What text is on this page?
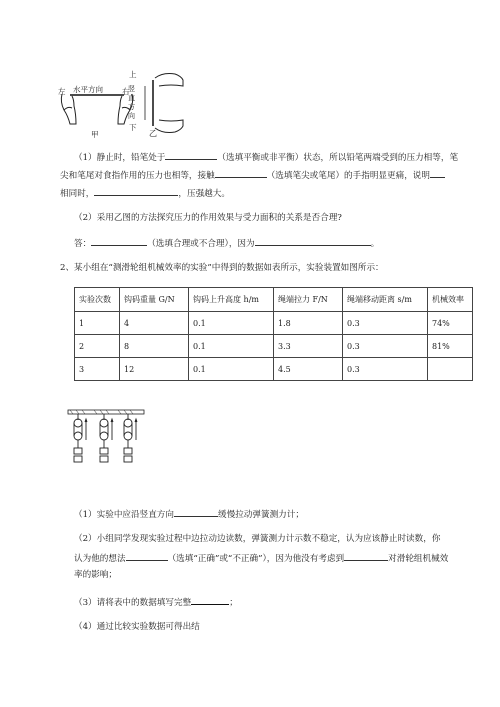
左 水平方向	右
甲
上
竖
直
方
向
下
乙
（1）静止时，铅笔处于	（选填平衡或非平衡）状态，所以铅笔两端受到的压力相等，笔
尖和笔尾对食指作用的压力也相等，接触	（选填笔尖或笔尾）的手指明显更痛，说明
相同时，	，压强越大。
（2）采用乙图的方法探究压力的作用效果与受力面积的关系是否合理?
答：	（选填合理或不合理），因为	。
2、某小组在“测滑轮组机械效率的实验”中得到的数据如表所示，实验装置如图所示：
实验次数	钩码重量 G/N	钩码上升高度 h/m	绳端拉力 F/N	绳端移动距离 s/m	机械效率
1	4	0.1	1.8	0.3	74%
2	8	0.1	3.3	0.3	81%
3	12	0.1	4.5	0.3	
（1）实验中应沿竖直方向	缓慢拉动弹簧测力计；
（2）小组同学发现实验过程中边拉动边读数，弹簧测力计示数不稳定，认为应该静止时读数，你
认为他的想法	（选填“正确”或“不正确”），因为他没有考虑到	对滑轮组机械效
率的影响；
（3）请将表中的数据填写完整	；
（4）通过比较实验数据可得出结
